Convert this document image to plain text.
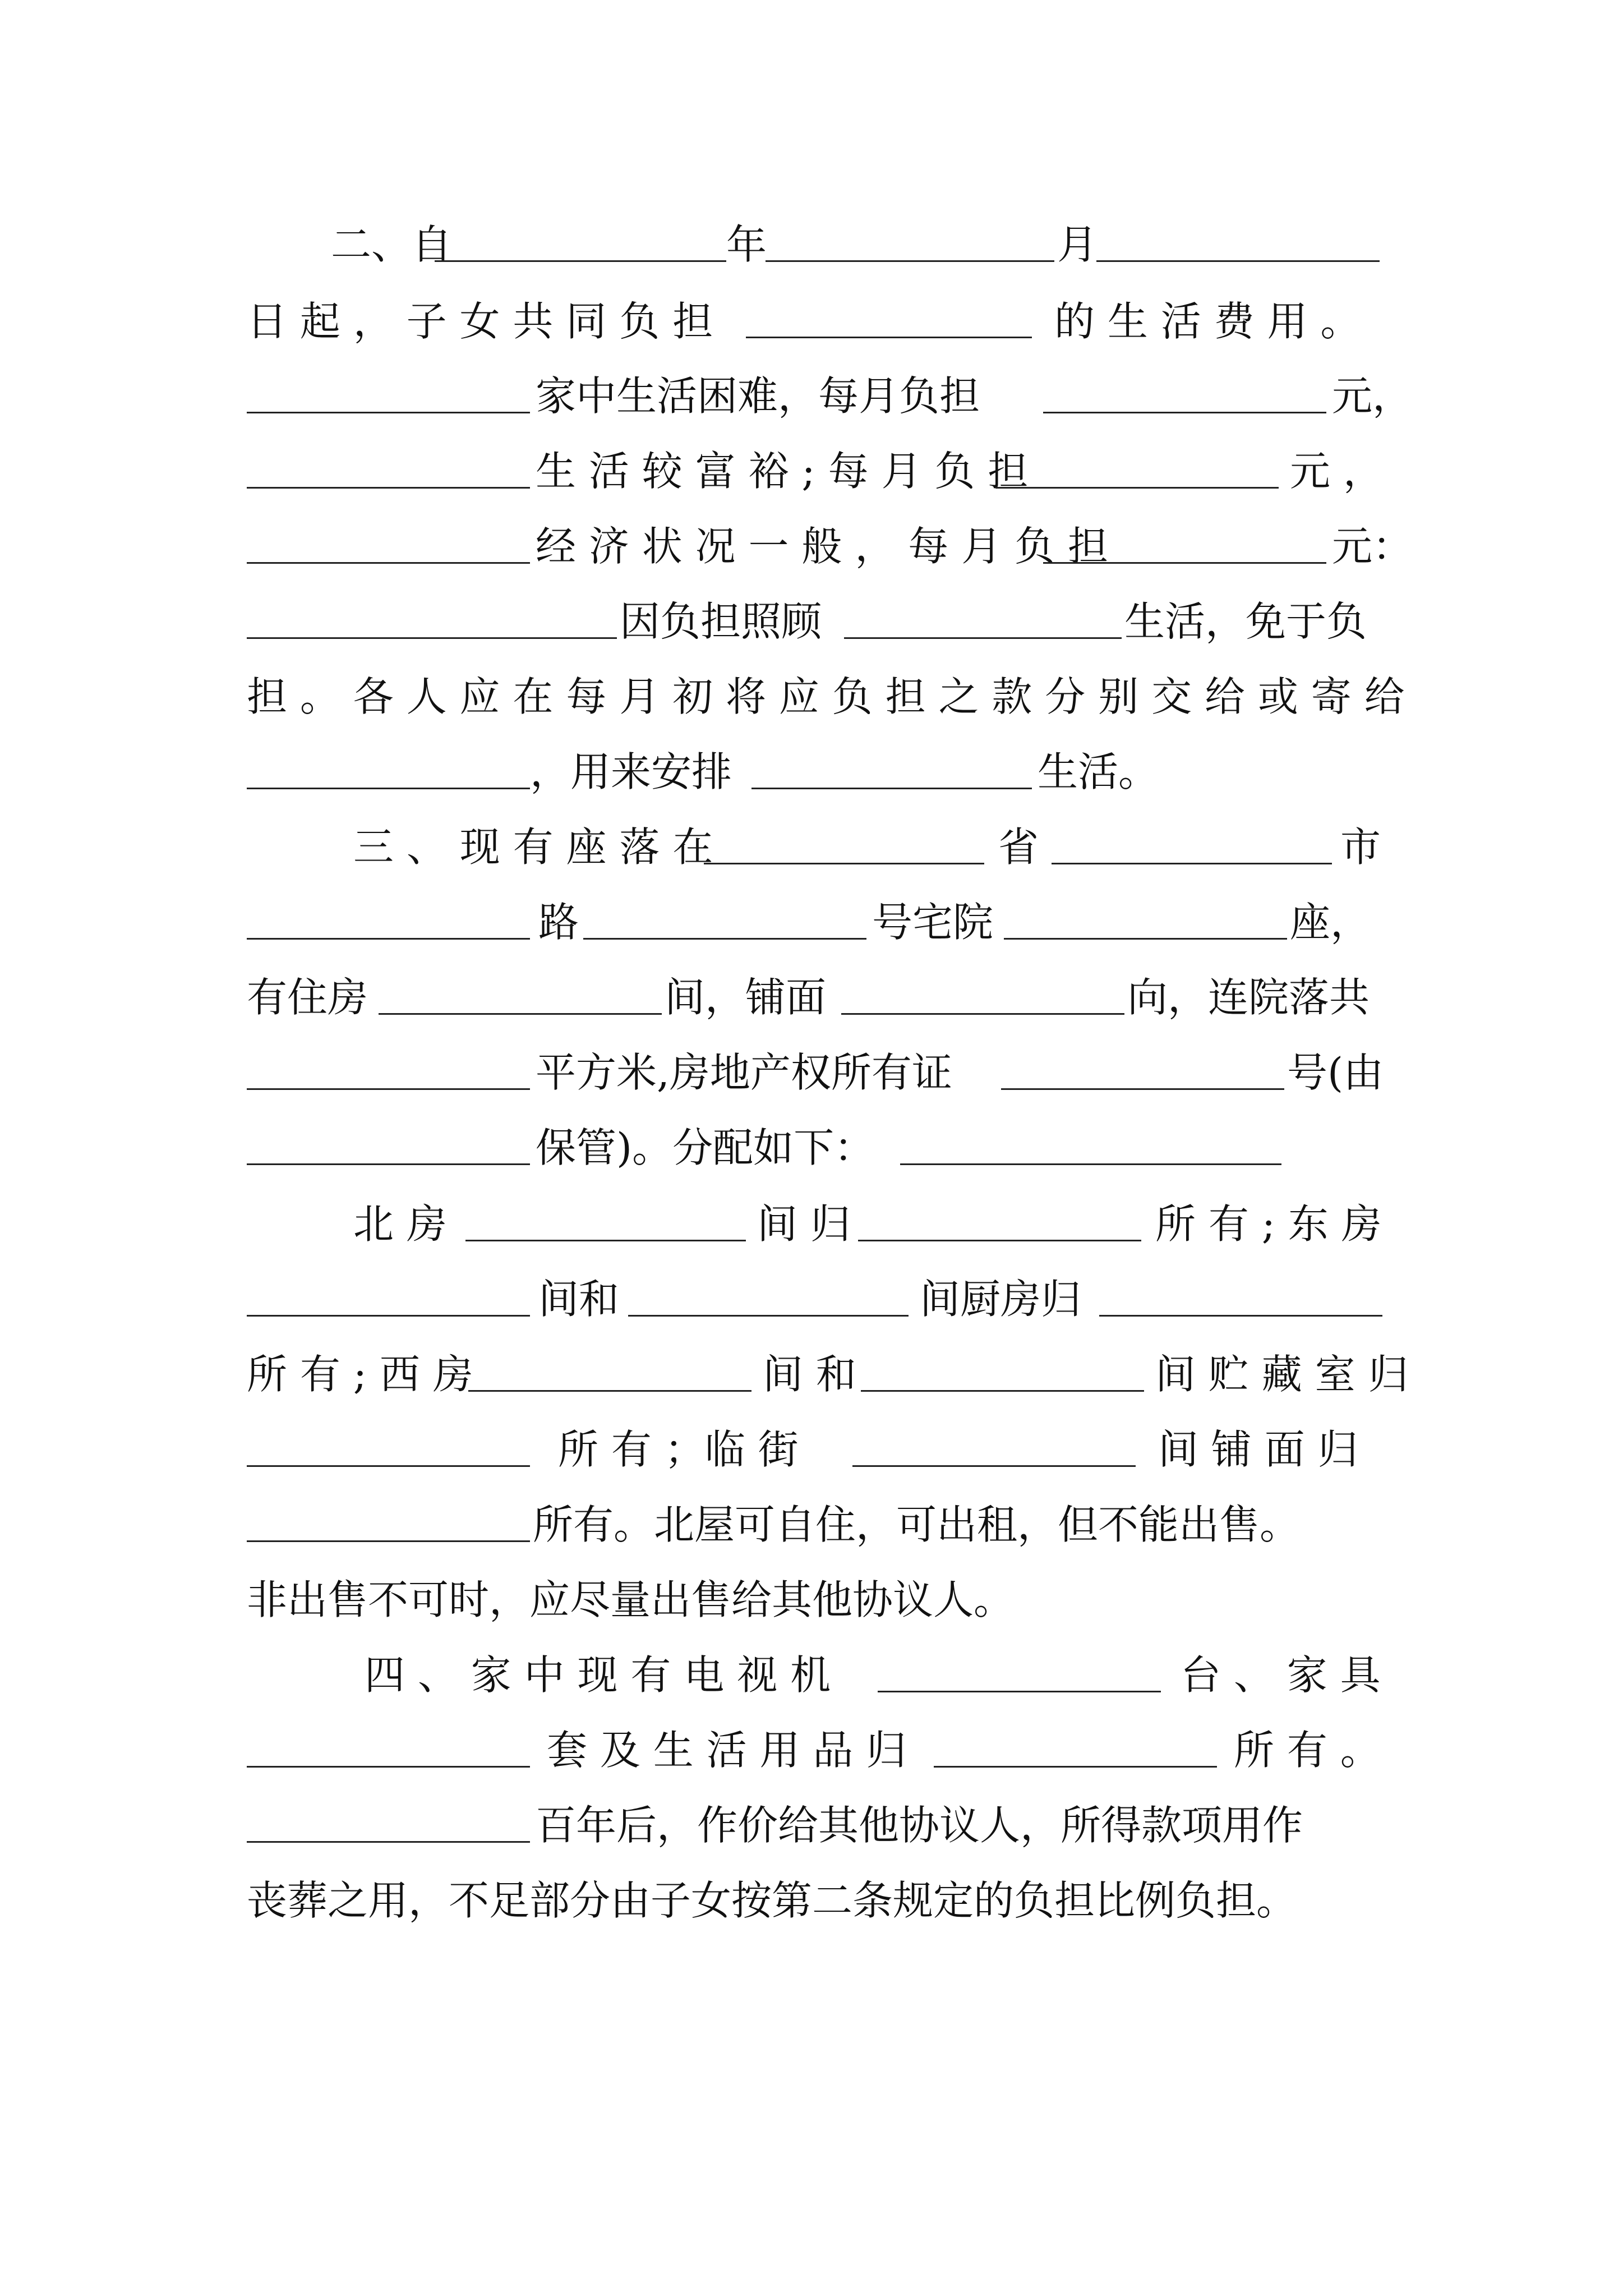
二、自	年	月
日 起 ， 子 女 共 同 负 担	的 生 活 费 用 。
家中生活困难，每月负担	元，
生 活 较 富 裕 ; 每 月 负 担	元 ，
经 济 状 况 一 般 ， 每 月 负 担	元：
因负担照顾	生活，免于负
担 。 各 人 应 在 每 月 初 将 应 负 担 之 款 分 别 交 给 或 寄 给
，用来安排	生活。
三 、 现 有 座 落 在	省	市
路	号宅院	座，
有住房	间，铺面	向，连院落共
平方米,房地产权所有证	号(由
保管)。分配如下：
北 房	间 归	所 有 ; 东 房
间和	间厨房归
所 有 ; 西 房	间 和	间 贮 藏 室 归
所 有 ；临 街	间 铺 面 归
所有。北屋可自住，可出租，但不能出售。
非出售不可时，应尽量出售给其他协议人。
四 、 家 中 现 有 电 视 机	台 、 家 具
套 及 生 活 用 品 归	所 有 。
百年后，作价给其他协议人，所得款项用作
丧葬之用，不足部分由子女按第二条规定的负担比例负担。
